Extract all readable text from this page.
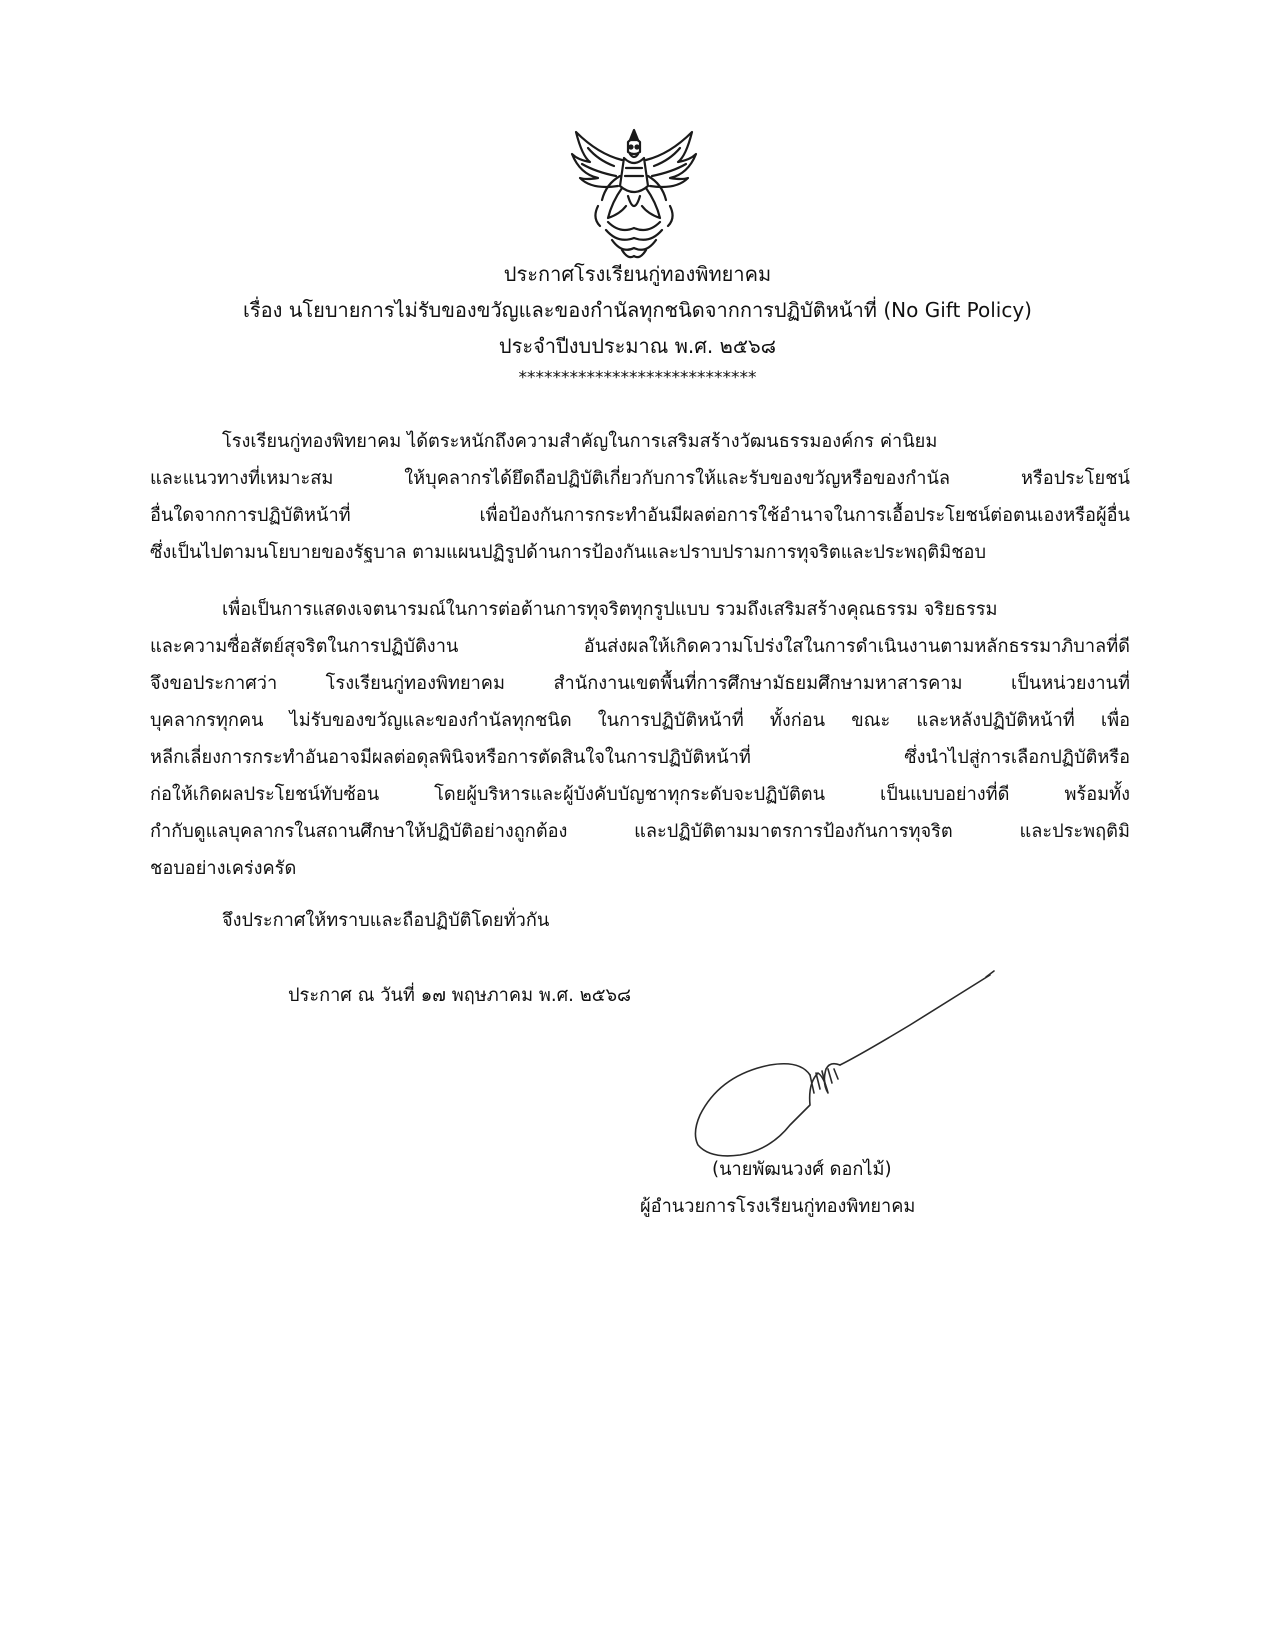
ประกาศโรงเรียนกู่ทองพิทยาคม
เรื่อง นโยบายการไม่รับของขวัญและของกำนัลทุกชนิดจากการปฏิบัติหน้าที่ (No Gift Policy)
ประจำปีงบประมาณ พ.ศ. ๒๕๖๘
****************************
โรงเรียนกู่ทองพิทยาคม ได้ตระหนักถึงความสำคัญในการเสริมสร้างวัฒนธรรมองค์กร ค่านิยม
และแนวทางที่เหมาะสม ให้บุคลากรได้ยึดถือปฏิบัติเกี่ยวกับการให้และรับของขวัญหรือของกำนัล หรือประโยชน์
อื่นใดจากการปฏิบัติหน้าที่ เพื่อป้องกันการกระทำอันมีผลต่อการใช้อำนาจในการเอื้อประโยชน์ต่อตนเองหรือผู้อื่น
ซึ่งเป็นไปตามนโยบายของรัฐบาล ตามแผนปฏิรูปด้านการป้องกันและปราบปรามการทุจริตและประพฤติมิชอบ
เพื่อเป็นการแสดงเจตนารมณ์ในการต่อต้านการทุจริตทุกรูปแบบ รวมถึงเสริมสร้างคุณธรรม จริยธรรม
และความซื่อสัตย์สุจริตในการปฏิบัติงาน อันส่งผลให้เกิดความโปร่งใสในการดำเนินงานตามหลักธรรมาภิบาลที่ดี
จึงขอประกาศว่า โรงเรียนกู่ทองพิทยาคม สำนักงานเขตพื้นที่การศึกษามัธยมศึกษามหาสารคาม เป็นหน่วยงานที่
บุคลากรทุกคน ไม่รับของขวัญและของกำนัลทุกชนิด ในการปฏิบัติหน้าที่ ทั้งก่อน ขณะ และหลังปฏิบัติหน้าที่ เพื่อ
หลีกเลี่ยงการกระทำอันอาจมีผลต่อดุลพินิจหรือการตัดสินใจในการปฏิบัติหน้าที่ ซึ่งนำไปสู่การเลือกปฏิบัติหรือ
ก่อให้เกิดผลประโยชน์ทับซ้อน โดยผู้บริหารและผู้บังคับบัญชาทุกระดับจะปฏิบัติตน เป็นแบบอย่างที่ดี พร้อมทั้ง
กำกับดูแลบุคลากรในสถานศึกษาให้ปฏิบัติอย่างถูกต้อง และปฏิบัติตามมาตรการป้องกันการทุจริต และประพฤติมิ
ชอบอย่างเคร่งครัด
จึงประกาศให้ทราบและถือปฏิบัติโดยทั่วกัน
ประกาศ ณ วันที่ ๑๗ พฤษภาคม พ.ศ. ๒๕๖๘
(นายพัฒนวงศ์ ดอกไม้)
ผู้อำนวยการโรงเรียนกู่ทองพิทยาคม
